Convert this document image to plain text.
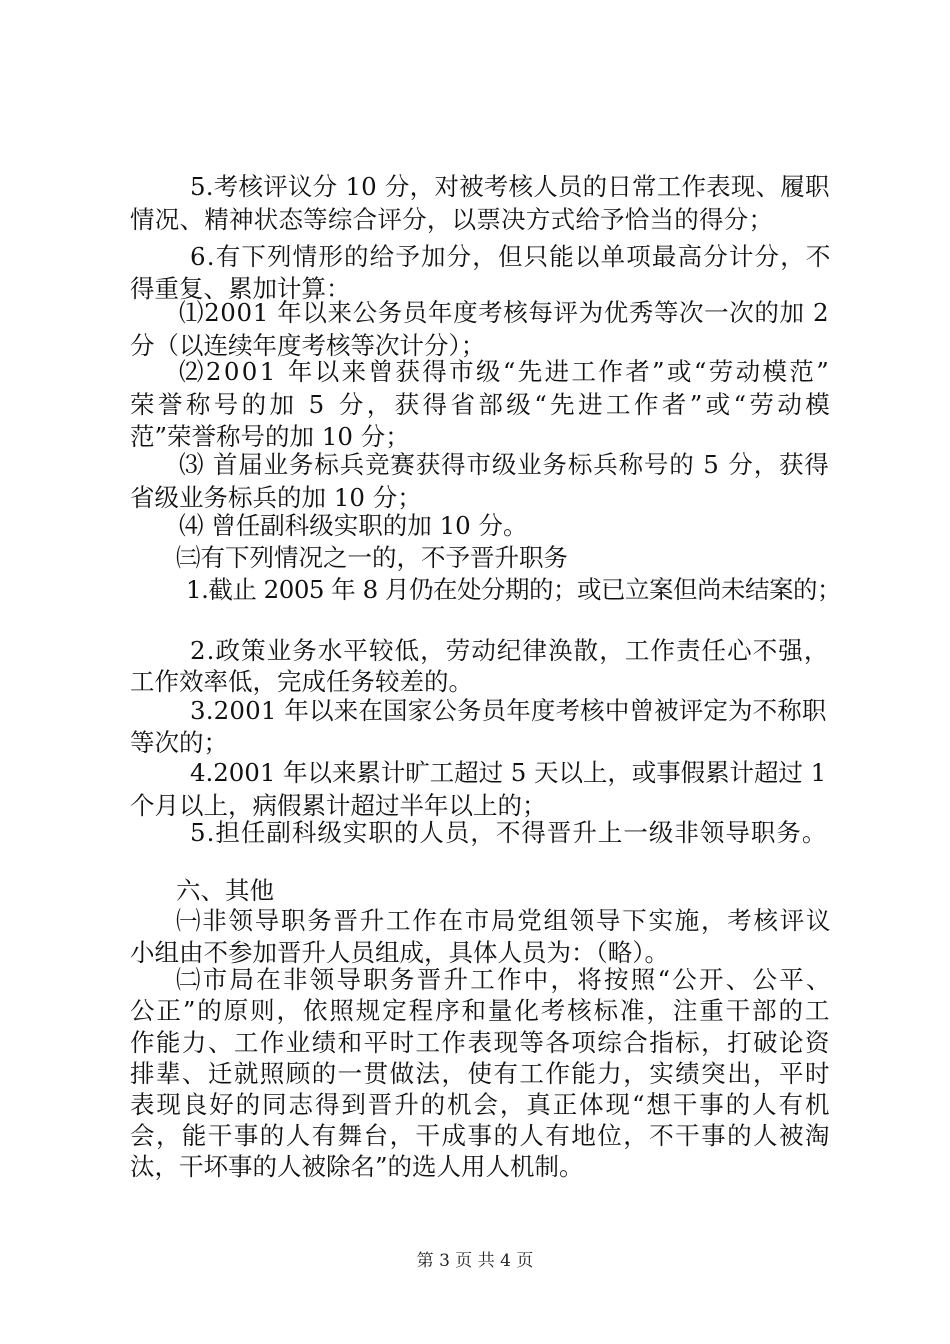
5.考核评议分 10 分，对被考核人员的日常工作表现、履职
情况、精神状态等综合评分，以票决方式给予恰当的得分；
6.有下列情形的给予加分，但只能以单项最高分计分，不
得重复、累加计算：
⑴2001 年以来公务员年度考核每评为优秀等次一次的加 2
分（以连续年度考核等次计分）；
⑵2001 年以来曾获得市级“先进工作者”或“劳动模范”
荣誉称号的加 5 分，获得省部级“先进工作者”或“劳动模
范”荣誉称号的加 10 分；
⑶ 首届业务标兵竞赛获得市级业务标兵称号的 5 分，获得
省级业务标兵的加 10 分；
⑷ 曾任副科级实职的加 10 分。
㈢有下列情况之一的，不予晋升职务
1.截止 2005 年 8 月仍在处分期的；或已立案但尚未结案的；
2.政策业务水平较低，劳动纪律涣散，工作责任心不强，
工作效率低，完成任务较差的。
3.2001 年以来在国家公务员年度考核中曾被评定为不称职
等次的；
4.2001 年以来累计旷工超过 5 天以上，或事假累计超过 1
个月以上，病假累计超过半年以上的；
5.担任副科级实职的人员，不得晋升上一级非领导职务。
六、其他
㈠非领导职务晋升工作在市局党组领导下实施，考核评议
小组由不参加晋升人员组成，具体人员为：（略）。
㈡市局在非领导职务晋升工作中，将按照“公开、公平、
公正”的原则，依照规定程序和量化考核标准，注重干部的工
作能力、工作业绩和平时工作表现等各项综合指标，打破论资
排辈、迁就照顾的一贯做法，使有工作能力，实绩突出，平时
表现良好的同志得到晋升的机会，真正体现“想干事的人有机
会，能干事的人有舞台，干成事的人有地位，不干事的人被淘
汰，干坏事的人被除名”的选人用人机制。
第 3 页 共 4 页
